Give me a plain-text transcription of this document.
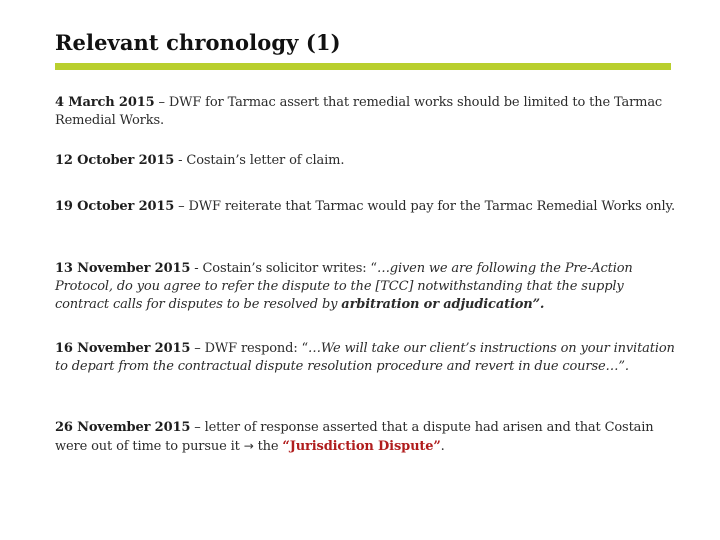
Relevant chronology (1)

4 March 2015 – DWF for Tarmac assert that remedial works should be limited to the Tarmac Remedial Works.

12 October 2015 - Costain’s letter of claim.

19 October 2015 – DWF reiterate that Tarmac would pay for the Tarmac Remedial Works only.

13 November 2015 - Costain’s solicitor writes: “…given we are following the Pre-Action Protocol, do you agree to refer the dispute to the [TCC] notwithstanding that the supply contract calls for disputes to be resolved by arbitration or adjudication”.

16 November 2015 – DWF respond: “…We will take our client’s instructions on your invitation to depart from the contractual dispute resolution procedure and revert in due course…”.

26 November 2015 – letter of response asserted that a dispute had arisen and that Costain were out of time to pursue it → the “Jurisdiction Dispute”.
